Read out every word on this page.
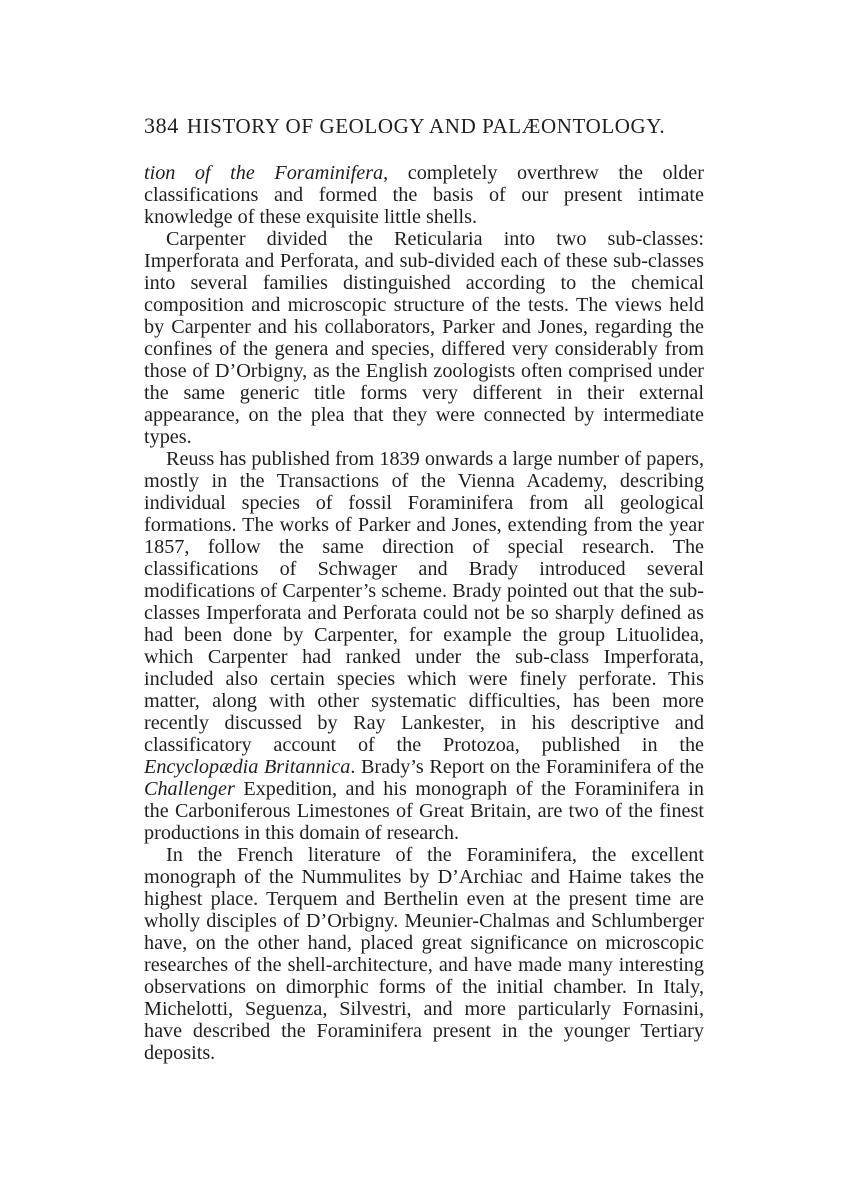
384 HISTORY OF GEOLOGY AND PALÆONTOLOGY.

tion of the Foraminifera, completely overthrew the older classifications and formed the basis of our present intimate knowledge of these exquisite little shells.

Carpenter divided the Reticularia into two sub-classes: Imperforata and Perforata, and sub-divided each of these sub-classes into several families distinguished according to the chemical composition and microscopic structure of the tests. The views held by Carpenter and his collaborators, Parker and Jones, regarding the confines of the genera and species, differed very considerably from those of D’Orbigny, as the English zoologists often comprised under the same generic title forms very different in their external appearance, on the plea that they were connected by intermediate types.

Reuss has published from 1839 onwards a large number of papers, mostly in the Transactions of the Vienna Academy, describing individual species of fossil Foraminifera from all geological formations. The works of Parker and Jones, extending from the year 1857, follow the same direction of special research. The classifications of Schwager and Brady introduced several modifications of Carpenter’s scheme. Brady pointed out that the sub-classes Imperforata and Perforata could not be so sharply defined as had been done by Carpenter, for example the group Lituolidea, which Carpenter had ranked under the sub-class Imperforata, included also certain species which were finely perforate. This matter, along with other systematic difficulties, has been more recently discussed by Ray Lankester, in his descriptive and classificatory account of the Protozoa, published in the Encyclopædia Britannica. Brady’s Report on the Foraminifera of the Challenger Expedition, and his monograph of the Foraminifera in the Carboniferous Limestones of Great Britain, are two of the finest productions in this domain of research.

In the French literature of the Foraminifera, the excellent monograph of the Nummulites by D’Archiac and Haime takes the highest place. Terquem and Berthelin even at the present time are wholly disciples of D’Orbigny. Meunier-Chalmas and Schlumberger have, on the other hand, placed great significance on microscopic researches of the shell-architecture, and have made many interesting observations on dimorphic forms of the initial chamber. In Italy, Michelotti, Seguenza, Silvestri, and more particularly Fornasini, have described the Foraminifera present in the younger Tertiary deposits.
